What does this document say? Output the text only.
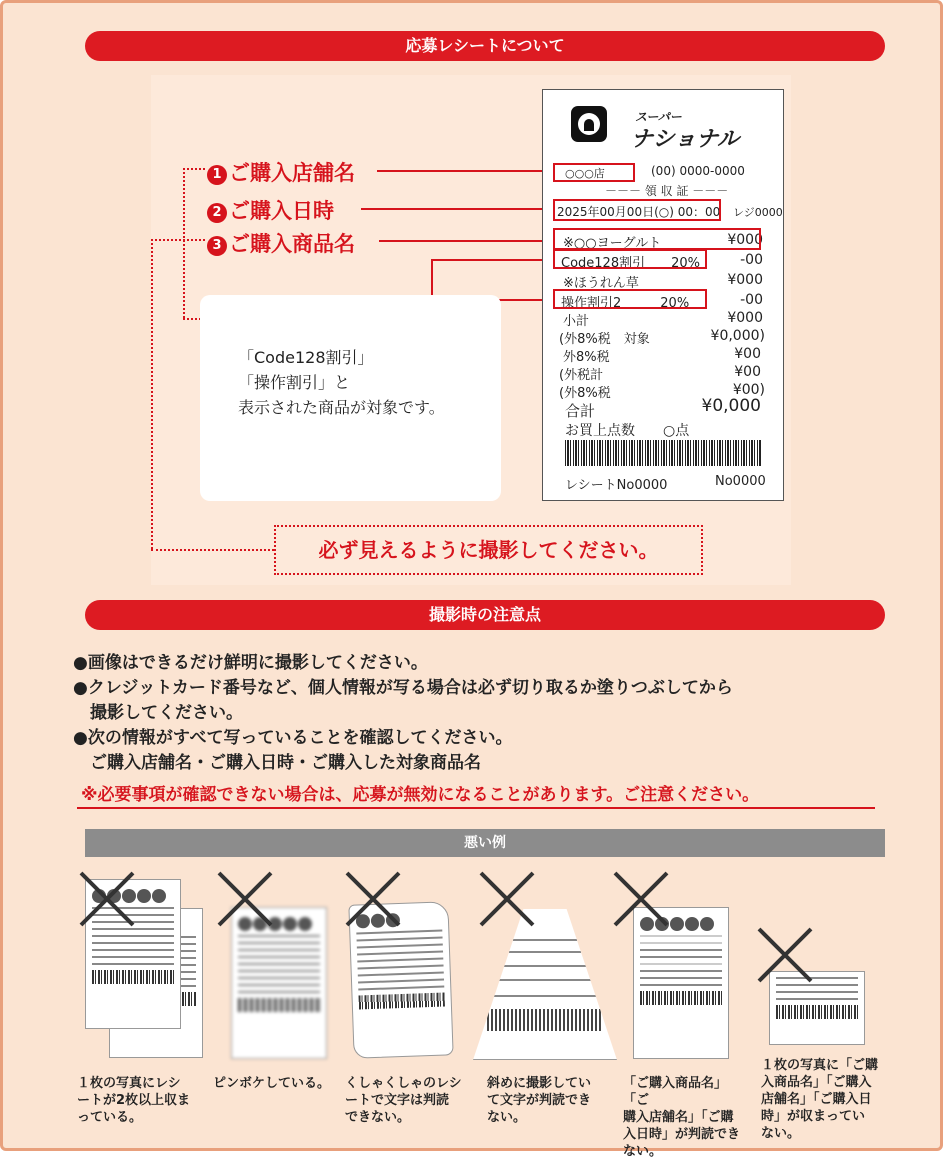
応募レシートについて
1 ご購入店舗名
2 ご購入日時
3 ご購入商品名
「Code128割引」
「操作割引」と
表示された商品が対象です。
スーパー
ナショナル
○○○店	(00) 0000-0000
－－－ 領 収 証 －－－
2025年00月00日(○) 00：00 レジ0000
※○○ヨーグルト	¥000
Code128割引　　20%	-00
※ほうれん草	¥000
操作割引2　　　20%	-00
小計	¥000
(外8%税　対象	¥0,000)
外8%税	¥00
(外税計	¥00
(外8%税	¥00)
合計	¥0,000
お買上点数　　○点
レシートNo0000	No0000
必ず見えるように撮影してください。
撮影時の注意点
●画像はできるだけ鮮明に撮影してください。
●クレジットカード番号など、個人情報が写る場合は必ず切り取るか塗りつぶしてから
　撮影してください。
●次の情報がすべて写っていることを確認してください。
　ご購入店舗名・ご購入日時・ご購入した対象商品名
※必要事項が確認できない場合は、応募が無効になることがあります。ご注意ください。
悪い例
１枚の写真にレシ
ートが2枚以上収ま
っている。
ピンボケしている。 くしゃくしゃのレシ
ートで文字は判読
できない。
斜めに撮影してい
て文字が判読でき
ない。
「ご購入商品名」「ご
購入店舗名」「ご購
入日時」が判読でき
ない。
１枚の写真に「ご購
入商品名」「ご購入
店舗名」「ご購入日
時」が収まってい
ない。
